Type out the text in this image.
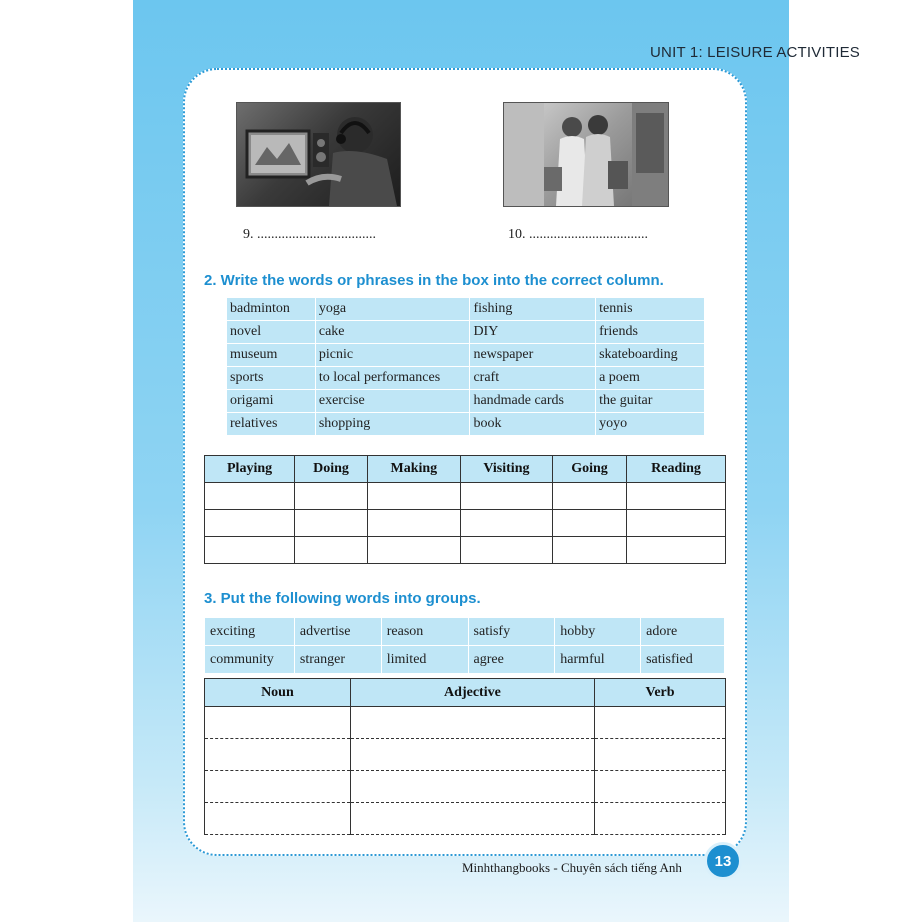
UNIT 1: LEISURE ACTIVITIES
9. ..................................	10. ..................................
2. Write the words or phrases in the box into the correct column.
badminton	yoga	fishing	tennis
novel	cake	DIY	friends
museum	picnic	newspaper	skateboarding
sports	to local performances	craft	a poem
origami	exercise	handmade cards	the guitar
relatives	shopping	book	yoyo
Playing	Doing	Making	Visiting	Going	Reading

3. Put the following words into groups.
exciting	advertise	reason	satisfy	hobby	adore
community	stranger	limited	agree	harmful	satisfied
Noun	Adjective	Verb

Minhthangbooks - Chuyên sách tiếng Anh	13
